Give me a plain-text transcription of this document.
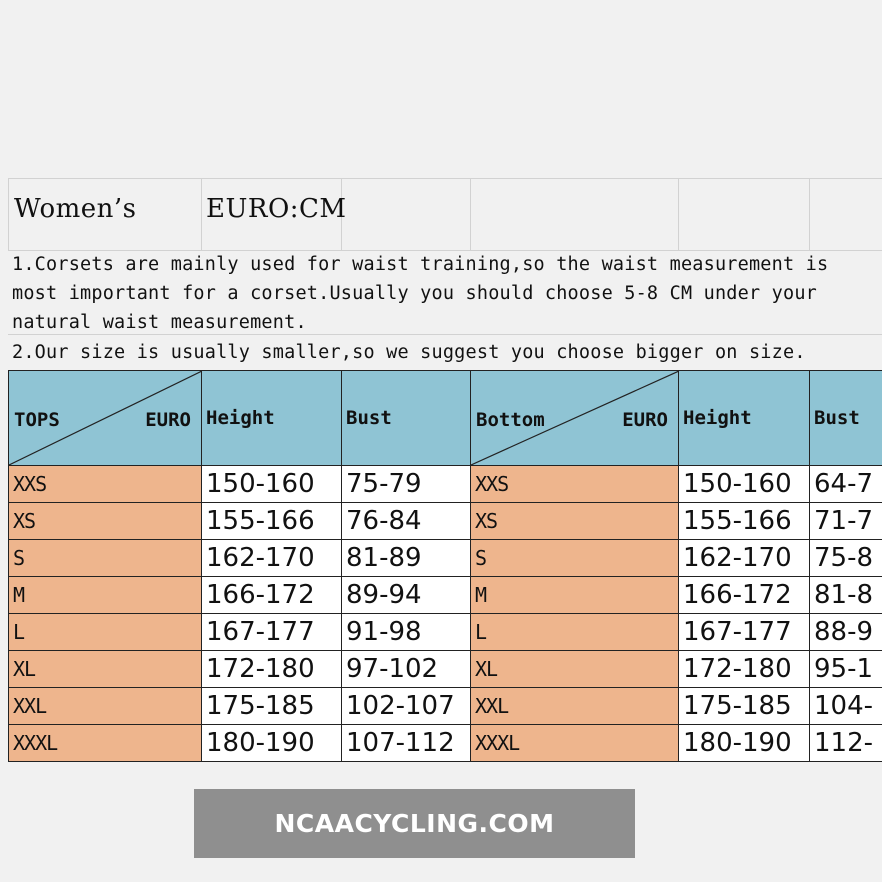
Women’s	EURO:CM
1.Corsets are mainly used for waist training,so the waist measurement is
most important for a corset.Usually you should choose 5-8 CM under your
natural waist measurement.
2.Our size is usually smaller,so we suggest you choose bigger on size.
TOPS EURO	Height	Bust	Bottom EURO	Height	Bust
XXS	150-160	75-79	XXS	150-160	64-7
XS	155-166	76-84	XS	155-166	71-7
S	162-170	81-89	S	162-170	75-8
M	166-172	89-94	M	166-172	81-8
L	167-177	91-98	L	167-177	88-9
XL	172-180	97-102	XL	172-180	95-1
XXL	175-185	102-107	XXL	175-185	104-
XXXL	180-190	107-112	XXXL	180-190	112-
NCAACYCLING.COM
